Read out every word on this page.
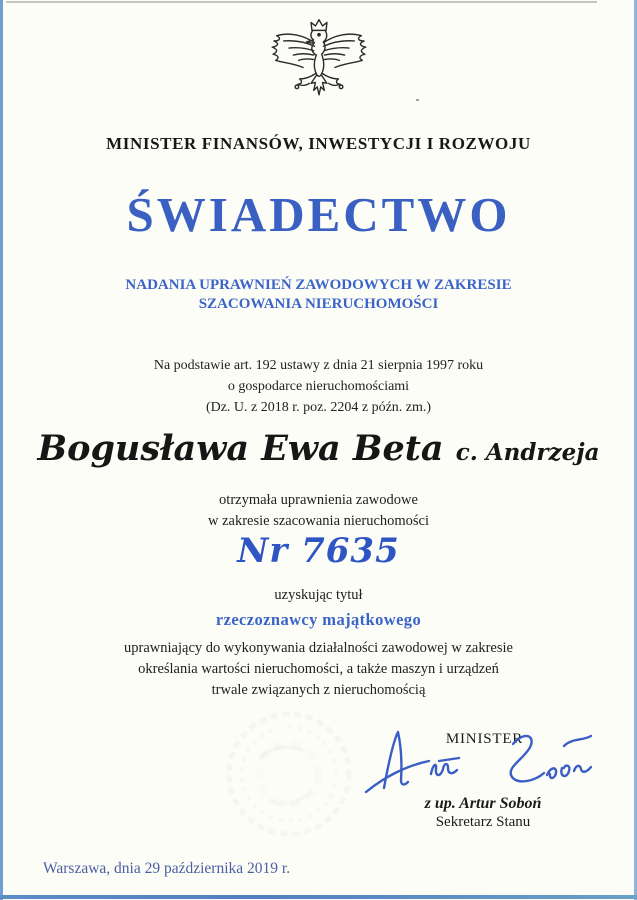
MINISTER FINANSÓW, INWESTYCJI I ROZWOJU
ŚWIADECTWO
NADANIA UPRAWNIEŃ ZAWODOWYCH W ZAKRESIE
SZACOWANIA NIERUCHOMOŚCI
Na podstawie art. 192 ustawy z dnia 21 sierpnia 1997 roku
o gospodarce nieruchomościami
(Dz. U. z 2018 r. poz. 2204 z późn. zm.)
Bogusława Ewa Beta c. Andrzeja
otrzymała uprawnienia zawodowe
w zakresie szacowania nieruchomości
Nr 7635
uzyskując tytuł
rzeczoznawcy majątkowego
uprawniający do wykonywania działalności zawodowej w zakresie
określania wartości nieruchomości, a także maszyn i urządzeń
trwale związanych z nieruchomością
MINISTER
z up. Artur Soboń
Sekretarz Stanu
Warszawa, dnia 29 października 2019 r.
